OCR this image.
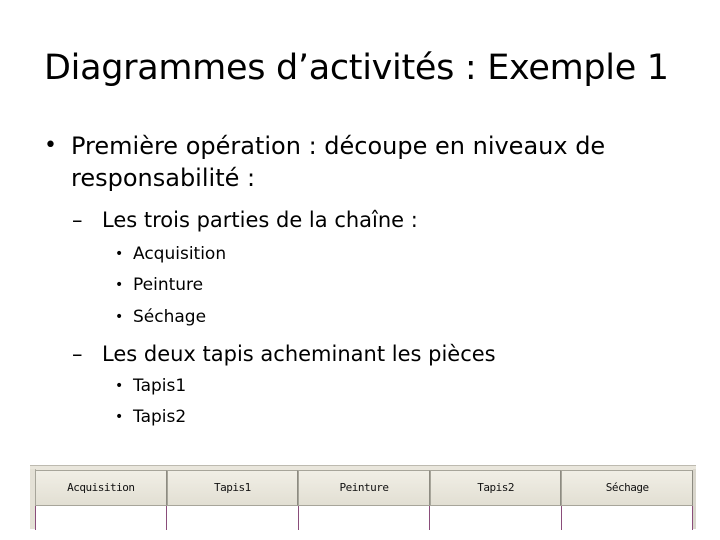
Diagrammes d’activités : Exemple 1
• Première opération : découpe en niveaux de responsabilité :
– Les trois parties de la chaîne :
• Acquisition
• Peinture
• Séchage
– Les deux tapis acheminant les pièces
• Tapis1
• Tapis2
Acquisition	Tapis1	Peinture	Tapis2	Séchage
